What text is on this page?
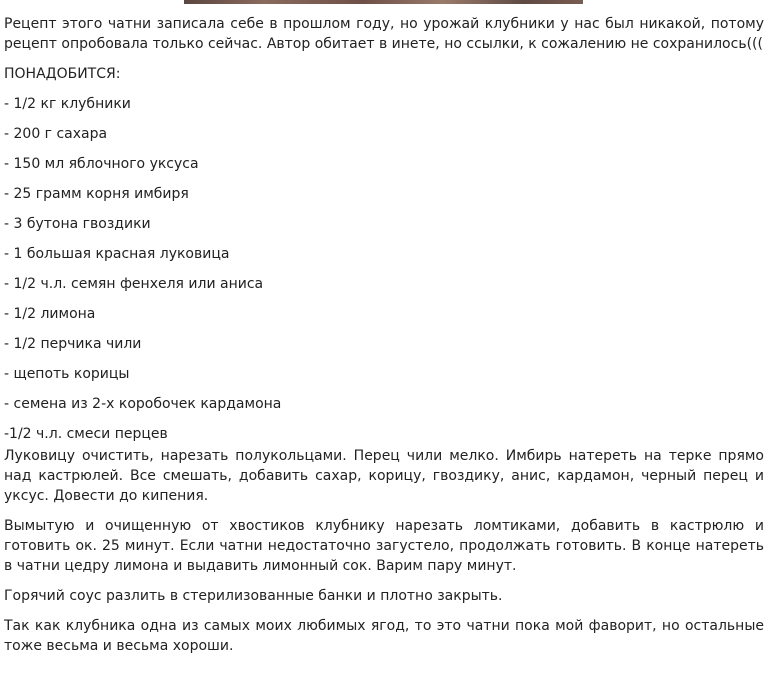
Рецепт этого чатни записала себе в прошлом году, но урожай клубники у нас был никакой, потому рецепт опробовала только сейчас. Автор обитает в инете, но ссылки, к сожалению не сохранилось(((

ПОНАДОБИТСЯ:

- 1/2 кг клубники

- 200 г сахара

- 150 мл яблочного уксуса

- 25 грамм корня имбиря

- 3 бутона гвоздики

- 1 большая красная луковица

- 1/2 ч.л. семян фенхеля или аниса

- 1/2 лимона

- 1/2 перчика чили

- щепоть корицы

- семена из 2-х коробочек кардамона

-1/2 ч.л. смеси перцев

Луковицу очистить, нарезать полукольцами. Перец чили мелко. Имбирь натереть на терке прямо над кастрюлей. Все смешать, добавить сахар, корицу, гвоздику, анис, кардамон, черный перец и уксус. Довести до кипения.

Вымытую и очищенную от хвостиков клубнику нарезать ломтиками, добавить в кастрюлю и готовить ок. 25 минут. Если чатни недостаточно загустело, продолжать готовить. В конце натереть в чатни цедру лимона и выдавить лимонный сок. Варим пару минут.

Горячий соус разлить в стерилизованные банки и плотно закрыть.

Так как клубника одна из самых моих любимых ягод, то это чатни пока мой фаворит, но остальные тоже весьма и весьма хороши.
